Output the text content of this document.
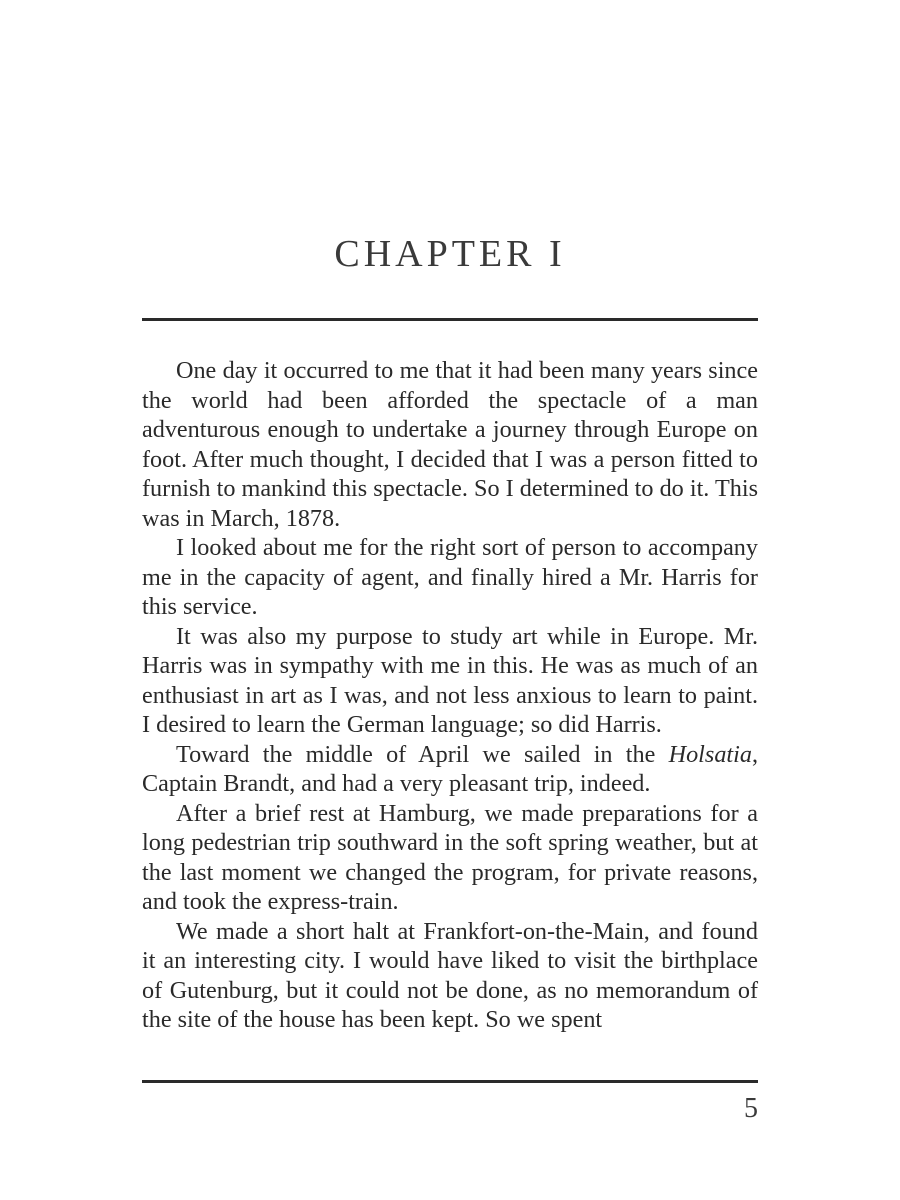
CHAPTER I

One day it occurred to me that it had been many years since the world had been afforded the spectacle of a man adventurous enough to undertake a journey through Europe on foot. After much thought, I decided that I was a person fitted to furnish to mankind this spectacle. So I determined to do it. This was in March, 1878.

I looked about me for the right sort of person to accompany me in the capacity of agent, and finally hired a Mr. Harris for this service.

It was also my purpose to study art while in Europe. Mr. Harris was in sympathy with me in this. He was as much of an enthusiast in art as I was, and not less anxious to learn to paint. I desired to learn the German language; so did Harris.

Toward the middle of April we sailed in the Holsatia, Captain Brandt, and had a very pleasant trip, indeed.

After a brief rest at Hamburg, we made preparations for a long pedestrian trip southward in the soft spring weather, but at the last moment we changed the program, for private reasons, and took the express-train.

We made a short halt at Frankfort-on-the-Main, and found it an interesting city. I would have liked to visit the birthplace of Gutenburg, but it could not be done, as no memorandum of the site of the house has been kept. So we spent

5
